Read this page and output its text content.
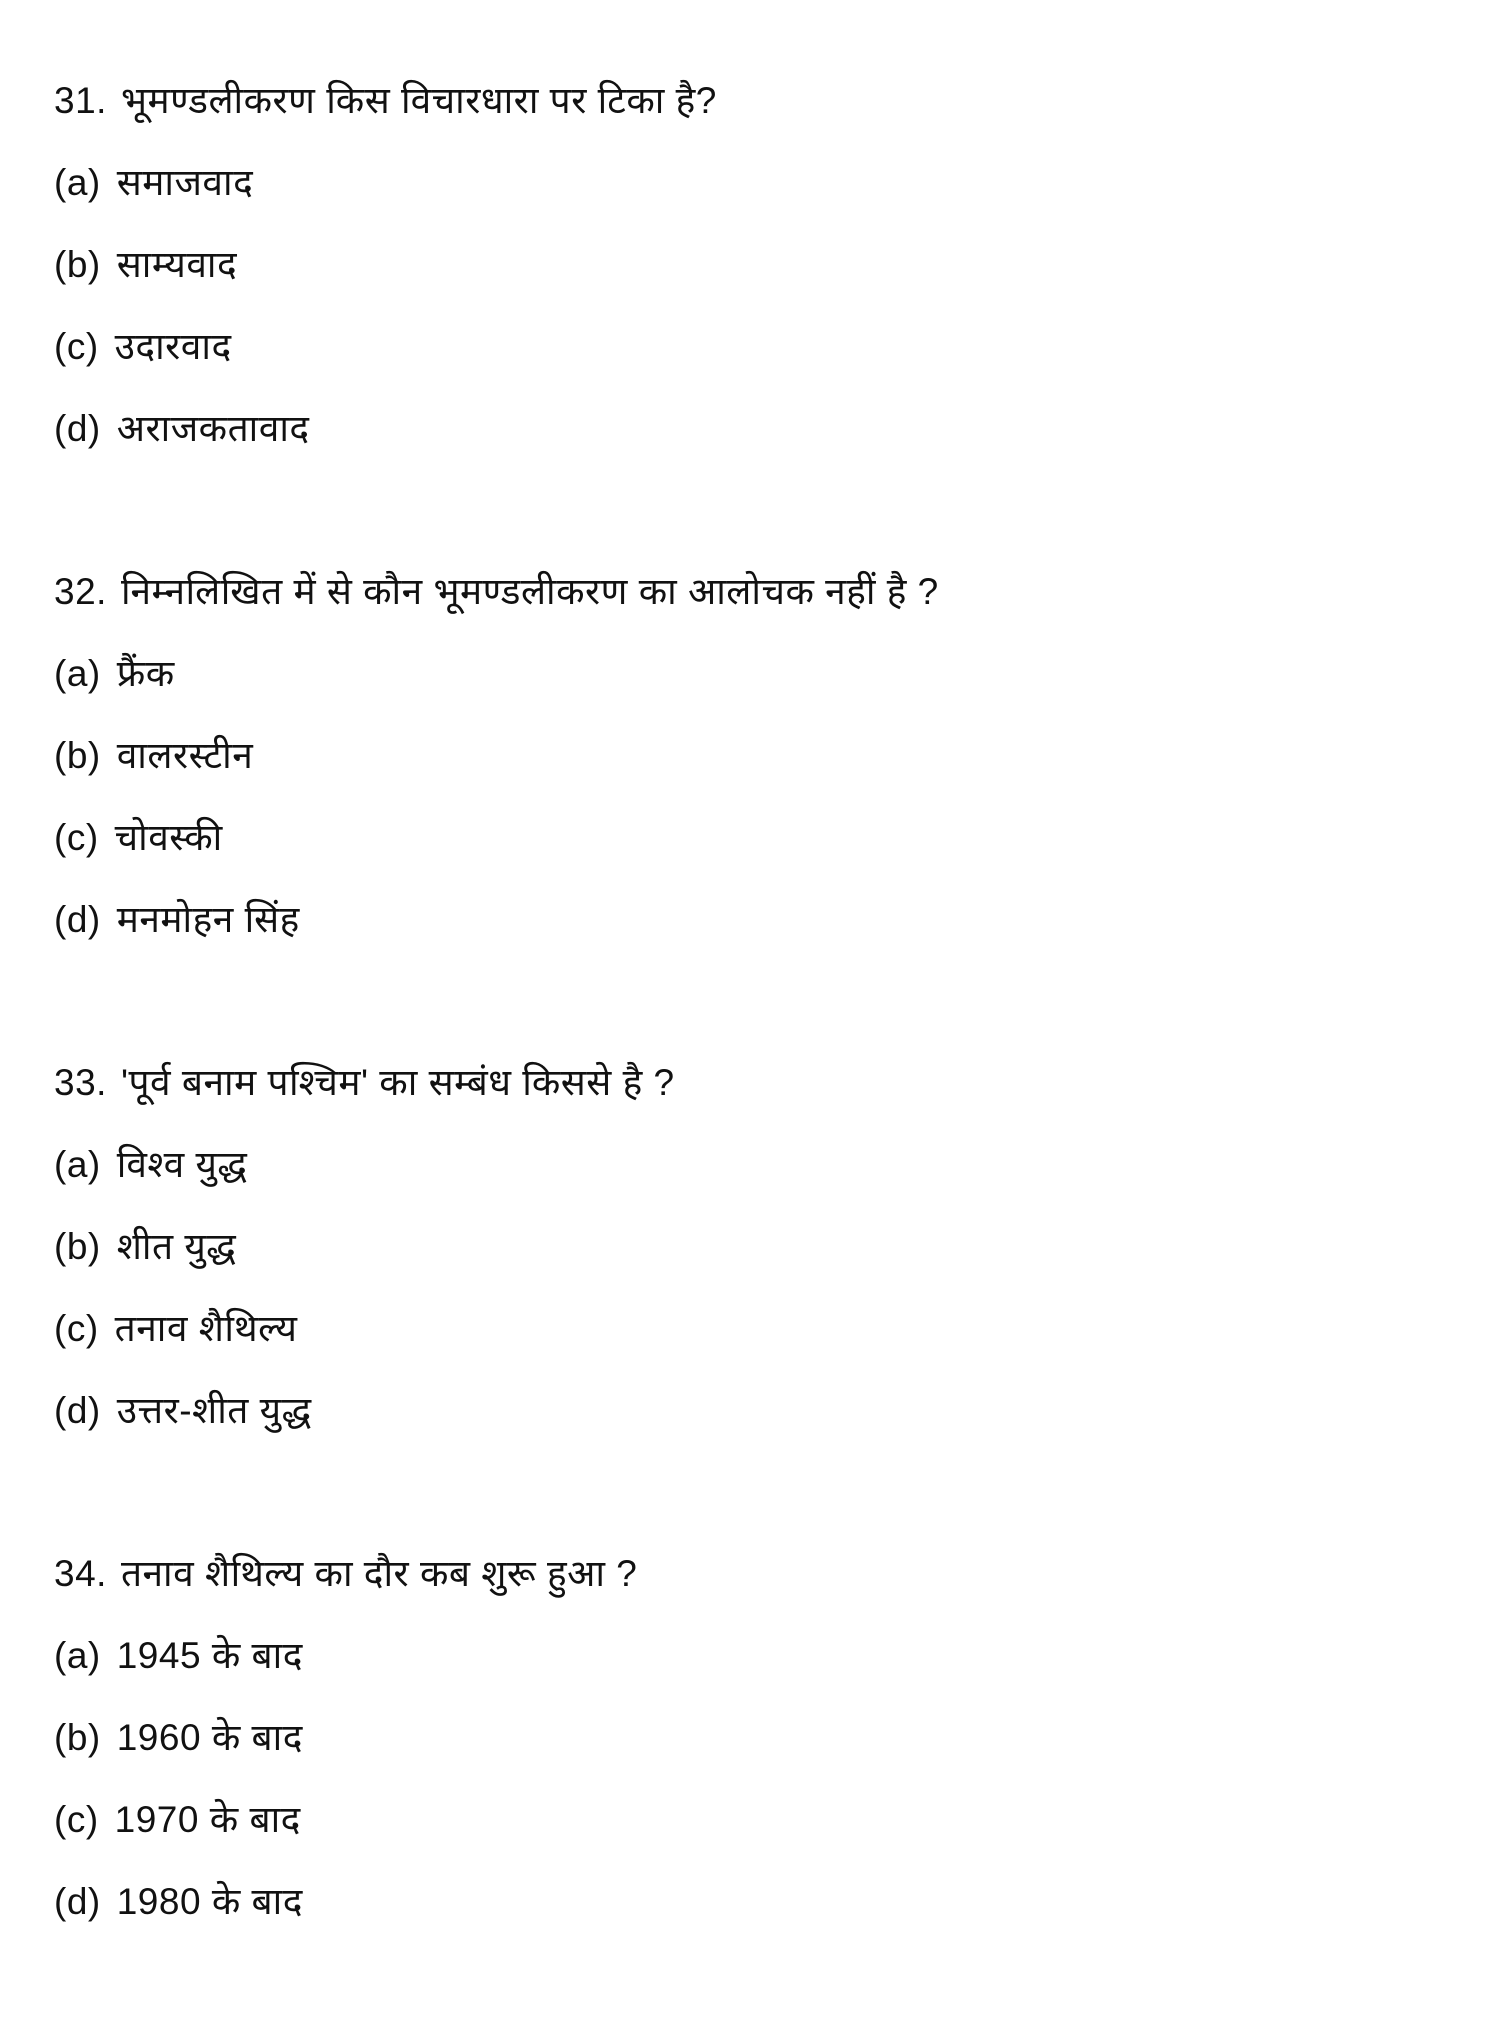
31. भूमण्डलीकरण किस विचारधारा पर टिका है?
(a) समाजवाद
(b) साम्यवाद
(c) उदारवाद
(d) अराजकतावाद
32. निम्नलिखित में से कौन भूमण्डलीकरण का आलोचक नहीं है ?
(a) फ्रैंक
(b) वालरस्टीन
(c) चोवस्की
(d) मनमोहन सिंह
33. 'पूर्व बनाम पश्चिम' का सम्बंध किससे है ?
(a) विश्व युद्ध
(b) शीत युद्ध
(c) तनाव शैथिल्य
(d) उत्तर-शीत युद्ध
34. तनाव शैथिल्य का दौर कब शुरू हुआ ?
(a) 1945 के बाद
(b) 1960 के बाद
(c) 1970 के बाद
(d) 1980 के बाद
